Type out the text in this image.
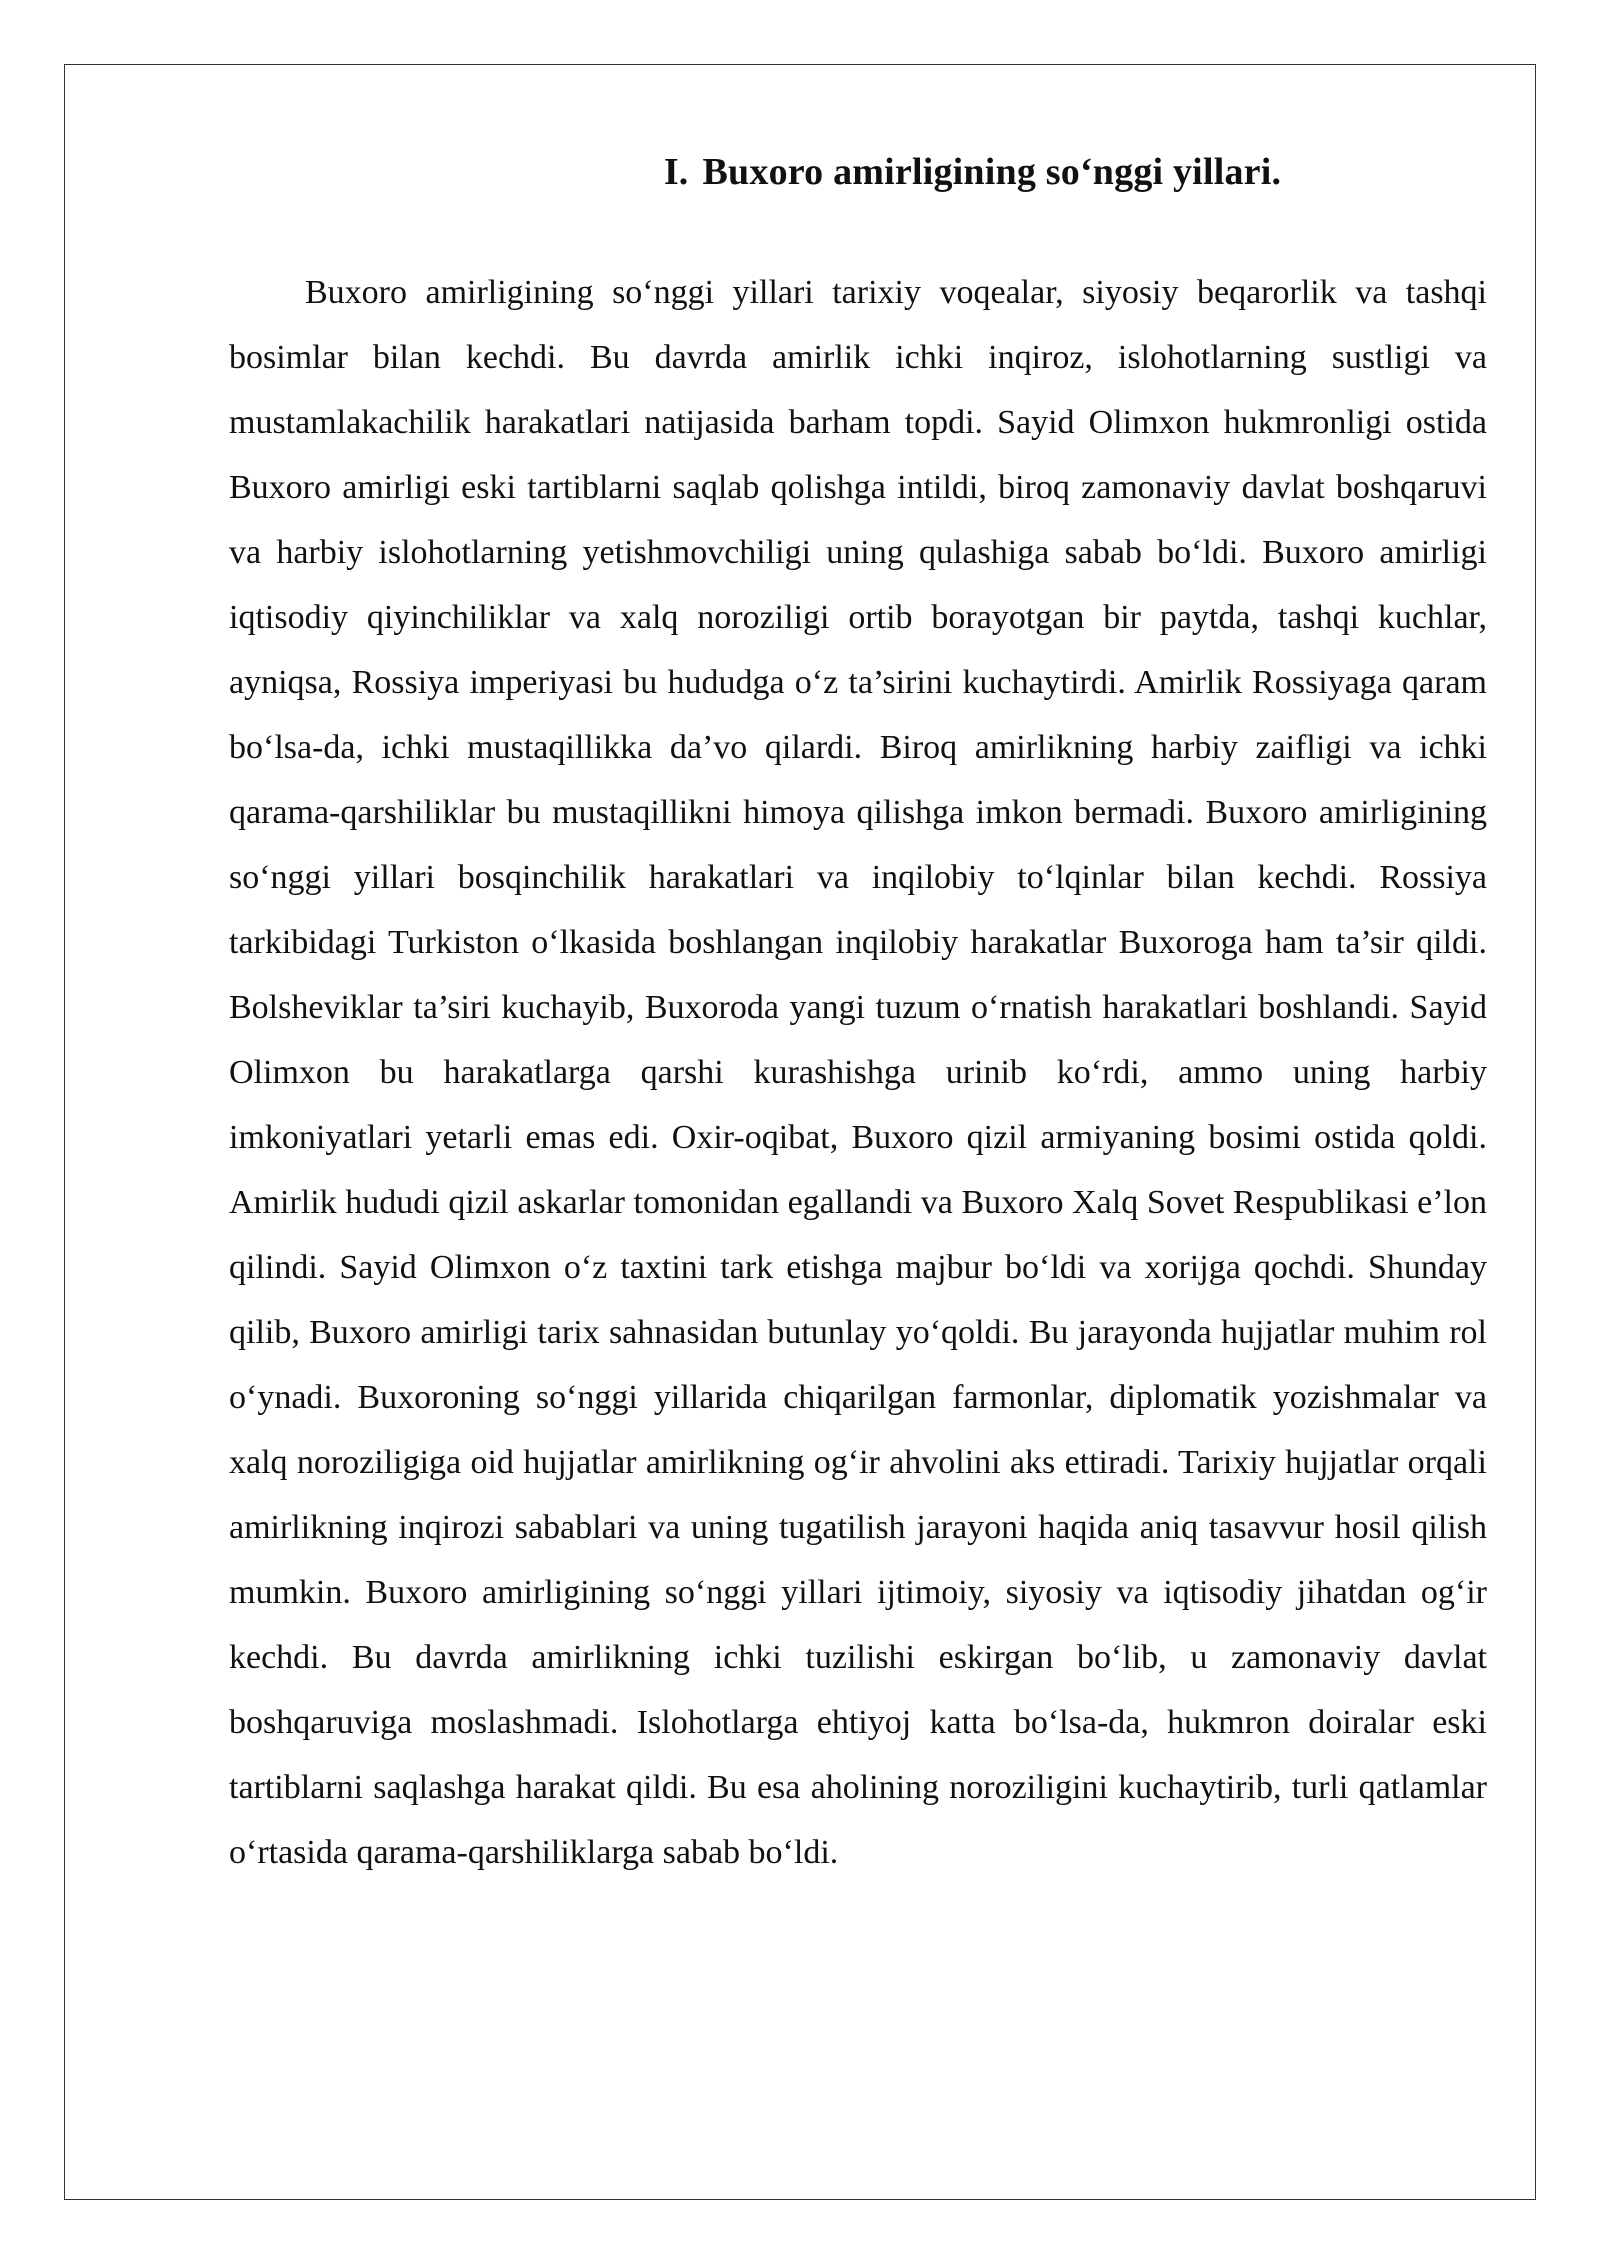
I. Buxoro amirligining so‘nggi yillari.

Buxoro amirligining so‘nggi yillari tarixiy voqealar, siyosiy beqarorlik va tashqi bosimlar bilan kechdi. Bu davrda amirlik ichki inqiroz, islohotlarning sustligi va mustamlakachilik harakatlari natijasida barham topdi. Sayid Olimxon hukmronligi ostida Buxoro amirligi eski tartiblarni saqlab qolishga intildi, biroq zamonaviy davlat boshqaruvi va harbiy islohotlarning yetishmovchiligi uning qulashiga sabab bo‘ldi. Buxoro amirligi iqtisodiy qiyinchiliklar va xalq noroziligi ortib borayotgan bir paytda, tashqi kuchlar, ayniqsa, Rossiya imperiyasi bu hududga o‘z ta’sirini kuchaytirdi. Amirlik Rossiyaga qaram bo‘lsa-da, ichki mustaqillikka da’vo qilardi. Biroq amirlikning harbiy zaifligi va ichki qarama-qarshiliklar bu mustaqillikni himoya qilishga imkon bermadi. Buxoro amirligining so‘nggi yillari bosqinchilik harakatlari va inqilobiy to‘lqinlar bilan kechdi. Rossiya tarkibidagi Turkiston o‘lkasida boshlangan inqilobiy harakatlar Buxoroga ham ta’sir qildi. Bolsheviklar ta’siri kuchayib, Buxoroda yangi tuzum o‘rnatish harakatlari boshlandi. Sayid Olimxon bu harakatlarga qarshi kurashishga urinib ko‘rdi, ammo uning harbiy imkoniyatlari yetarli emas edi. Oxir-oqibat, Buxoro qizil armiyaning bosimi ostida qoldi. Amirlik hududi qizil askarlar tomonidan egallandi va Buxoro Xalq Sovet Respublikasi e’lon qilindi. Sayid Olimxon o‘z taxtini tark etishga majbur bo‘ldi va xorijga qochdi. Shunday qilib, Buxoro amirligi tarix sahnasidan butunlay yo‘qoldi. Bu jarayonda hujjatlar muhim rol o‘ynadi. Buxoroning so‘nggi yillarida chiqarilgan farmonlar, diplomatik yozishmalar va xalq noroziligiga oid hujjatlar amirlikning og‘ir ahvolini aks ettiradi. Tarixiy hujjatlar orqali amirlikning inqirozi sabablari va uning tugatilish jarayoni haqida aniq tasavvur hosil qilish mumkin. Buxoro amirligining so‘nggi yillari ijtimoiy, siyosiy va iqtisodiy jihatdan og‘ir kechdi. Bu davrda amirlikning ichki tuzilishi eskirgan bo‘lib, u zamonaviy davlat boshqaruviga moslashmadi. Islohotlarga ehtiyoj katta bo‘lsa-da, hukmron doiralar eski tartiblarni saqlashga harakat qildi. Bu esa aholining noroziligini kuchaytirib, turli qatlamlar o‘rtasida qarama-qarshiliklarga sabab bo‘ldi.
